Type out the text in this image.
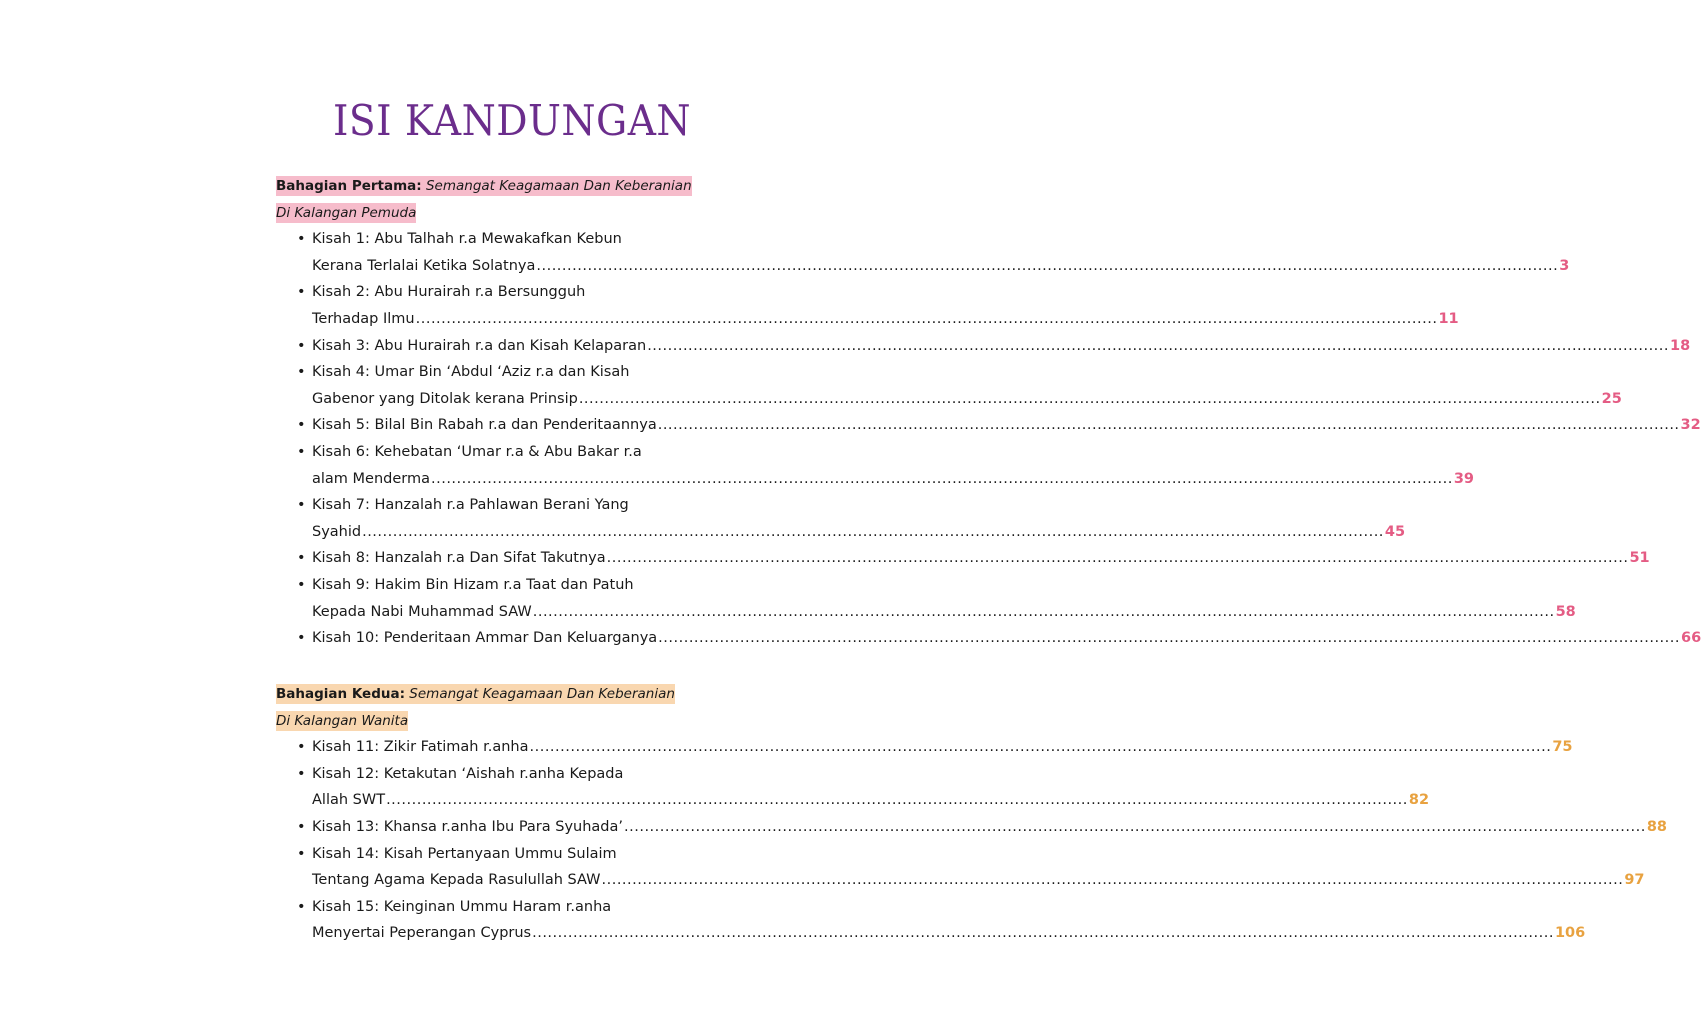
ISI KANDUNGAN
Bahagian Pertama: Semangat Keagamaan Dan Keberanian
Di Kalangan Pemuda
• Kisah 1: Abu Talhah r.a Mewakafkan Kebun
Kerana Terlalai Ketika Solatnya ........................................................................................................................................................................................................ 3
• Kisah 2: Abu Hurairah r.a Bersungguh
Terhadap Ilmu ........................................................................................................................................................................................................ 11
• Kisah 3: Abu Hurairah r.a dan Kisah Kelaparan ........................................................................................................................................................................................................ 18
• Kisah 4: Umar Bin ‘Abdul ‘Aziz r.a dan Kisah
Gabenor yang Ditolak kerana Prinsip ........................................................................................................................................................................................................ 25
• Kisah 5: Bilal Bin Rabah r.a dan Penderitaannya ........................................................................................................................................................................................................ 32
• Kisah 6: Kehebatan ‘Umar r.a & Abu Bakar r.a
alam Menderma ........................................................................................................................................................................................................ 39
• Kisah 7: Hanzalah r.a Pahlawan Berani Yang
Syahid ........................................................................................................................................................................................................ 45
• Kisah 8: Hanzalah r.a Dan Sifat Takutnya ........................................................................................................................................................................................................ 51
• Kisah 9: Hakim Bin Hizam r.a Taat dan Patuh
Kepada Nabi Muhammad SAW ........................................................................................................................................................................................................ 58
• Kisah 10: Penderitaan Ammar Dan Keluarganya ........................................................................................................................................................................................................ 66
Bahagian Kedua: Semangat Keagamaan Dan Keberanian
Di Kalangan Wanita
• Kisah 11: Zikir Fatimah r.anha ........................................................................................................................................................................................................ 75
• Kisah 12: Ketakutan ‘Aishah r.anha Kepada
Allah SWT ........................................................................................................................................................................................................ 82
• Kisah 13: Khansa r.anha Ibu Para Syuhada’ ........................................................................................................................................................................................................ 88
• Kisah 14: Kisah Pertanyaan Ummu Sulaim
Tentang Agama Kepada Rasulullah SAW ........................................................................................................................................................................................................ 97
• Kisah 15: Keinginan Ummu Haram r.anha
Menyertai Peperangan Cyprus ........................................................................................................................................................................................................ 106
